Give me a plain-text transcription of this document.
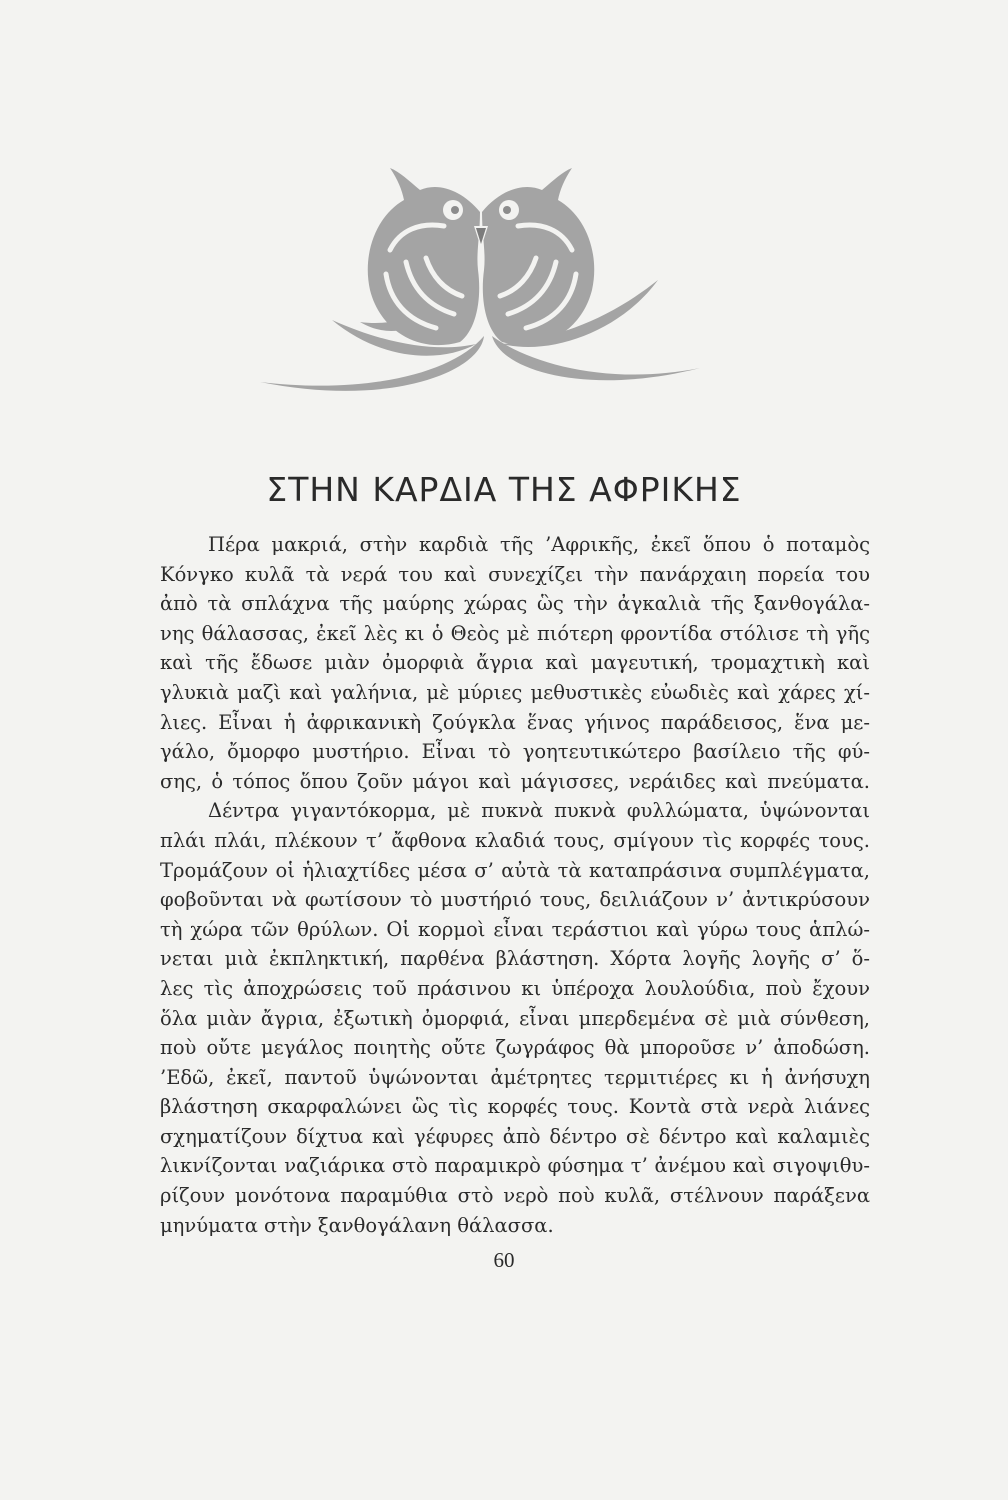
ΣΤΗΝ ΚΑΡΔΙΑ ΤΗΣ ΑΦΡΙΚΗΣ
Πέρα μακριά, στὴν καρδιὰ τῆς ’Αφρικῆς, ἐκεῖ ὅπου ὁ ποταμὸς
Κόνγκο κυλᾶ τὰ νερά του καὶ συνεχίζει τὴν πανάρχαιη πορεία του
ἀπὸ τὰ σπλάχνα τῆς μαύρης χώρας ὣς τὴν ἀγκαλιὰ τῆς ξανθογάλα-
νης θάλασσας, ἐκεῖ λὲς κι ὁ Θεὸς μὲ πιότερη φροντίδα στόλισε τὴ γῆς
καὶ τῆς ἔδωσε μιὰν ὀμορφιὰ ἄγρια καὶ μαγευτική, τρομαχτικὴ καὶ
γλυκιὰ μαζὶ καὶ γαλήνια, μὲ μύριες μεθυστικὲς εὐωδιὲς καὶ χάρες χί-
λιες. Εἶναι ἡ ἀφρικανικὴ ζούγκλα ἕνας γήινος παράδεισος, ἕνα με-
γάλο, ὄμορφο μυστήριο. Εἶναι τὸ γοητευτικώτερο βασίλειο τῆς φύ-
σης, ὁ τόπος ὅπου ζοῦν μάγοι καὶ μάγισσες, νεράιδες καὶ πνεύματα.
Δέντρα γιγαντόκορμα, μὲ πυκνὰ πυκνὰ φυλλώματα, ὑψώνονται
πλάι πλάι, πλέκουν τ’ ἄφθονα κλαδιά τους, σμίγουν τὶς κορφές τους.
Τρομάζουν οἱ ἡλιαχτίδες μέσα σ’ αὐτὰ τὰ καταπράσινα συμπλέγματα,
φοβοῦνται νὰ φωτίσουν τὸ μυστήριό τους, δειλιάζουν ν’ ἀντικρύσουν
τὴ χώρα τῶν θρύλων. Οἱ κορμοὶ εἶναι τεράστιοι καὶ γύρω τους ἁπλώ-
νεται μιὰ ἐκπληκτική, παρθένα βλάστηση. Χόρτα λογῆς λογῆς σ’ ὅ-
λες τὶς ἀποχρώσεις τοῦ πράσινου κι ὑπέροχα λουλούδια, ποὺ ἔχουν
ὅλα μιὰν ἄγρια, ἐξωτικὴ ὀμορφιά, εἶναι μπερδεμένα σὲ μιὰ σύνθεση,
ποὺ οὔτε μεγάλος ποιητὴς οὔτε ζωγράφος θὰ μποροῦσε ν’ ἀποδώση.
’Εδῶ, ἐκεῖ, παντοῦ ὑψώνονται ἀμέτρητες τερμιτιέρες κι ἡ ἀνήσυχη
βλάστηση σκαρφαλώνει ὣς τὶς κορφές τους. Κοντὰ στὰ νερὰ λιάνες
σχηματίζουν δίχτυα καὶ γέφυρες ἀπὸ δέντρο σὲ δέντρο καὶ καλαμιὲς
λικνίζονται ναζιάρικα στὸ παραμικρὸ φύσημα τ’ ἀνέμου καὶ σιγοψιθυ-
ρίζουν μονότονα παραμύθια στὸ νερὸ ποὺ κυλᾶ, στέλνουν παράξενα
μηνύματα στὴν ξανθογάλανη θάλασσα.
60
